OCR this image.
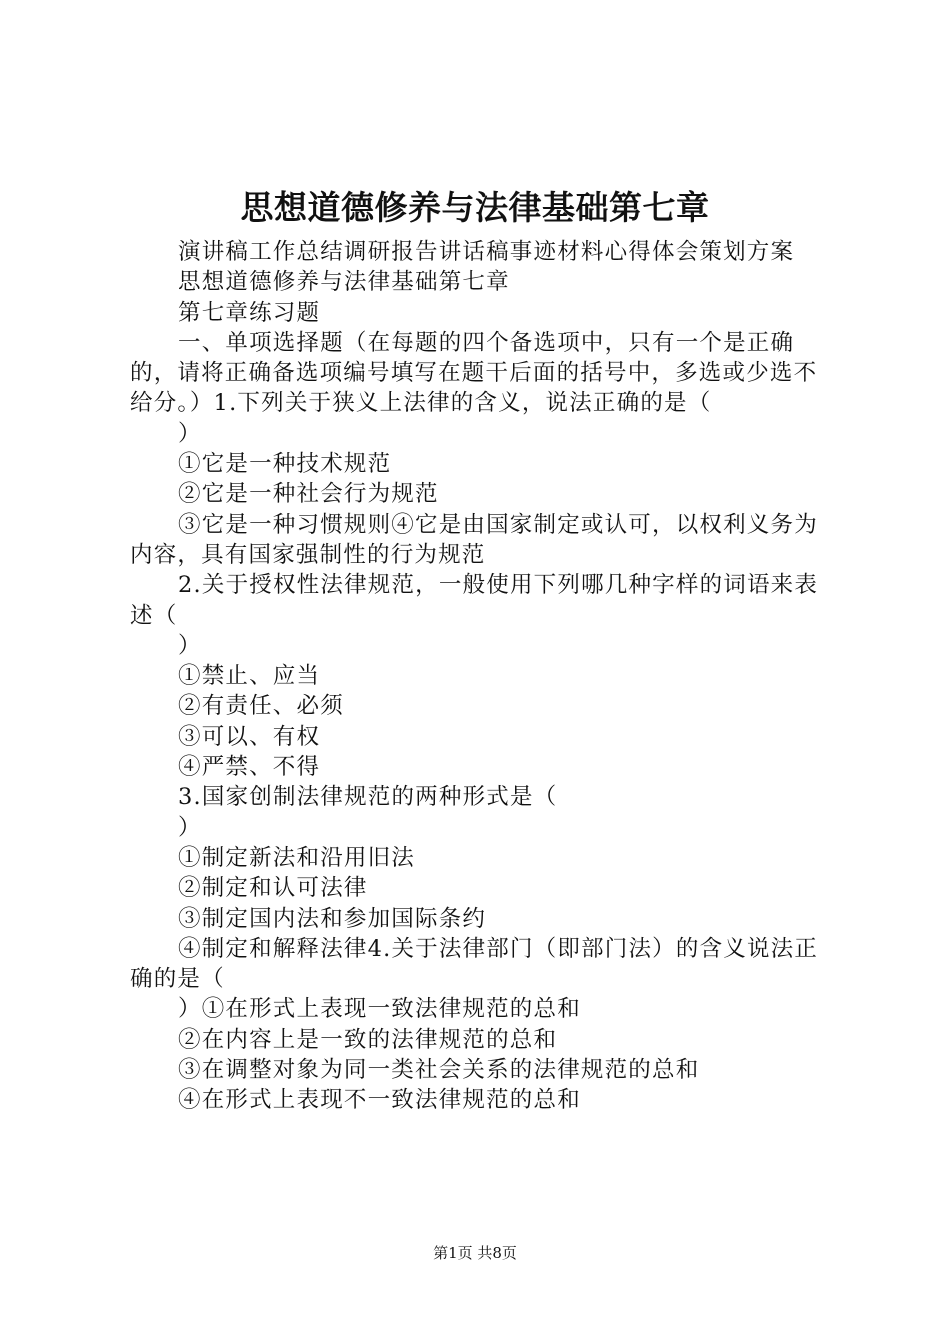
思想道德修养与法律基础第七章

演讲稿工作总结调研报告讲话稿事迹材料心得体会策划方案

思想道德修养与法律基础第七章

第七章练习题

一、单项选择题（在每题的四个备选项中，只有一个是正确的，请将正确备选项编号填写在题干后面的括号中，多选或少选不给分。）1.下列关于狭义上法律的含义，说法正确的是（

）

①它是一种技术规范

②它是一种社会行为规范

③它是一种习惯规则④它是由国家制定或认可，以权利义务为内容，具有国家强制性的行为规范

2.关于授权性法律规范，一般使用下列哪几种字样的词语来表述（

）

①禁止、应当

②有责任、必须

③可以、有权

④严禁、不得

3.国家创制法律规范的两种形式是（

）

①制定新法和沿用旧法

②制定和认可法律

③制定国内法和参加国际条约

④制定和解释法律4.关于法律部门（即部门法）的含义说法正确的是（

）①在形式上表现一致法律规范的总和

②在内容上是一致的法律规范的总和

③在调整对象为同一类社会关系的法律规范的总和

④在形式上表现不一致法律规范的总和

第1页 共8页
